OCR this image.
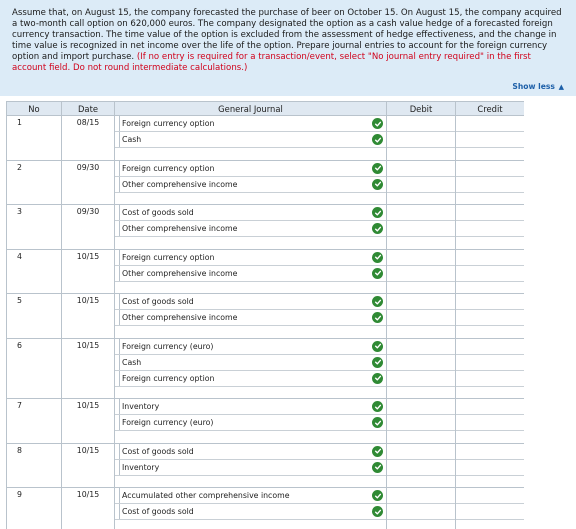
Assume that, on August 15, the company forecasted the purchase of beer on October 15. On August 15, the company acquired a two-month call option on 620,000 euros. The company designated the option as a cash value hedge of a forecasted foreign currency transaction. The time value of the option is excluded from the assessment of hedge effectiveness, and the change in time value is recognized in net income over the life of the option. Prepare journal entries to account for the foreign currency option and import purchase. (If no entry is required for a transaction/event, select "No journal entry required" in the first account field. Do not round intermediate calculations.)
Show less ▲
No	Date	General Journal	Debit	Credit

1	08/15	Foreign currency option
Cash		

2	09/30	Foreign currency option
Other comprehensive income		

3	09/30	Cost of goods sold
Other comprehensive income		

4	10/15	Foreign currency option
Other comprehensive income		

5	10/15	Cost of goods sold
Other comprehensive income		

6	10/15	Foreign currency (euro)
Cash
Foreign currency option		

7	10/15	Inventory
Foreign currency (euro)		

8	10/15	Cost of goods sold
Inventory		

9	10/15	Accumulated other comprehensive income
Cost of goods sold		
